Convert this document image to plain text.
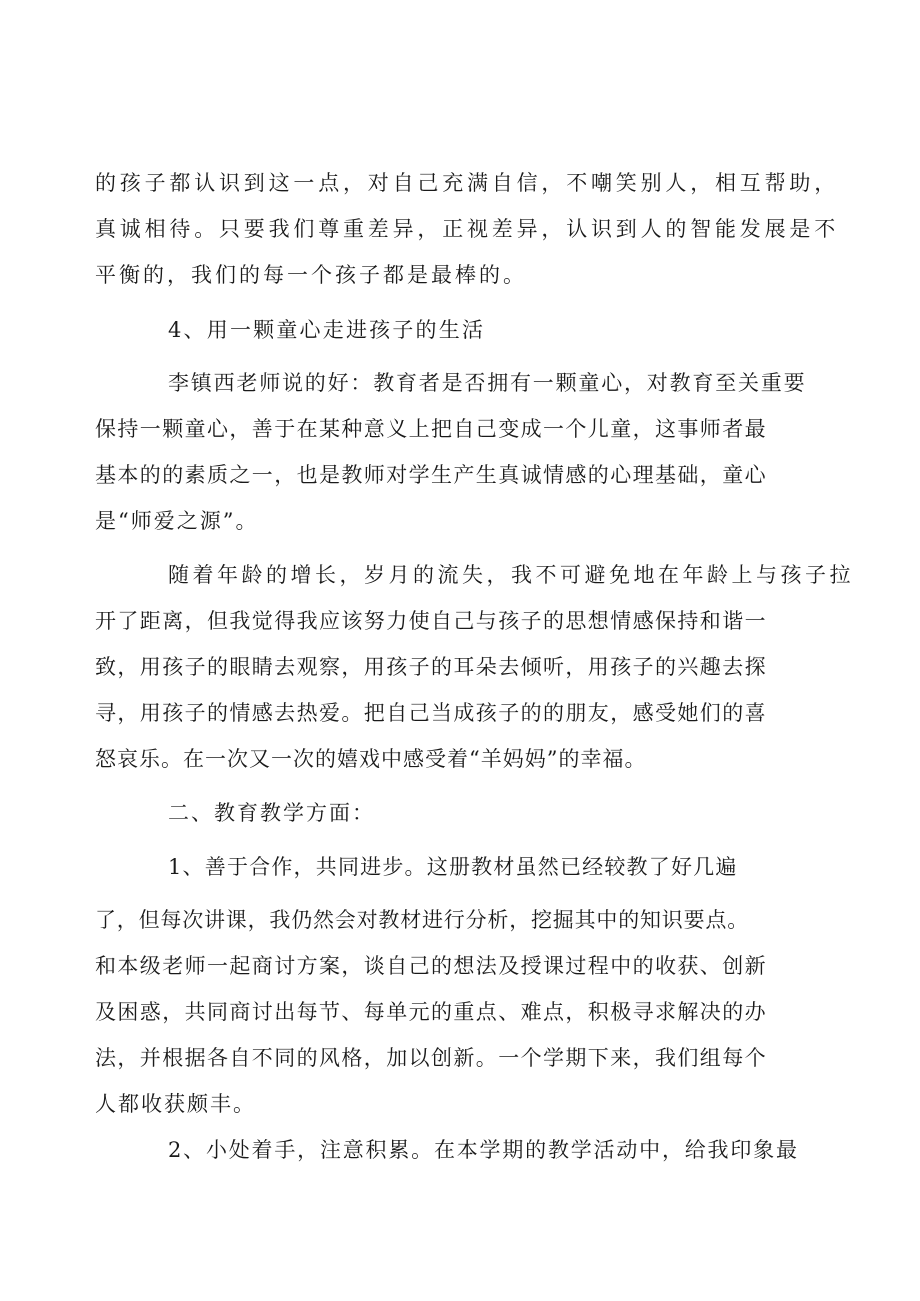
的孩子都认识到这一点，对自己充满自信，不嘲笑别人，相互帮助，
真诚相待。只要我们尊重差异，正视差异，认识到人的智能发展是不
平衡的，我们的每一个孩子都是最棒的。
4、用一颗童心走进孩子的生活
李镇西老师说的好：教育者是否拥有一颗童心，对教育至关重要
保持一颗童心，善于在某种意义上把自己变成一个儿童，这事师者最
基本的的素质之一，也是教师对学生产生真诚情感的心理基础，童心
是“师爱之源”。
随着年龄的增长，岁月的流失，我不可避免地在年龄上与孩子拉
开了距离，但我觉得我应该努力使自己与孩子的思想情感保持和谐一
致，用孩子的眼睛去观察，用孩子的耳朵去倾听，用孩子的兴趣去探
寻，用孩子的情感去热爱。把自己当成孩子的的朋友，感受她们的喜
怒哀乐。在一次又一次的嬉戏中感受着“羊妈妈”的幸福。
二、教育教学方面：
1、善于合作，共同进步。这册教材虽然已经较教了好几遍
了，但每次讲课，我仍然会对教材进行分析，挖掘其中的知识要点。
和本级老师一起商讨方案，谈自己的想法及授课过程中的收获、创新
及困惑，共同商讨出每节、每单元的重点、难点，积极寻求解决的办
法，并根据各自不同的风格，加以创新。一个学期下来，我们组每个
人都收获颇丰。
2、小处着手，注意积累。在本学期的教学活动中，给我印象最
